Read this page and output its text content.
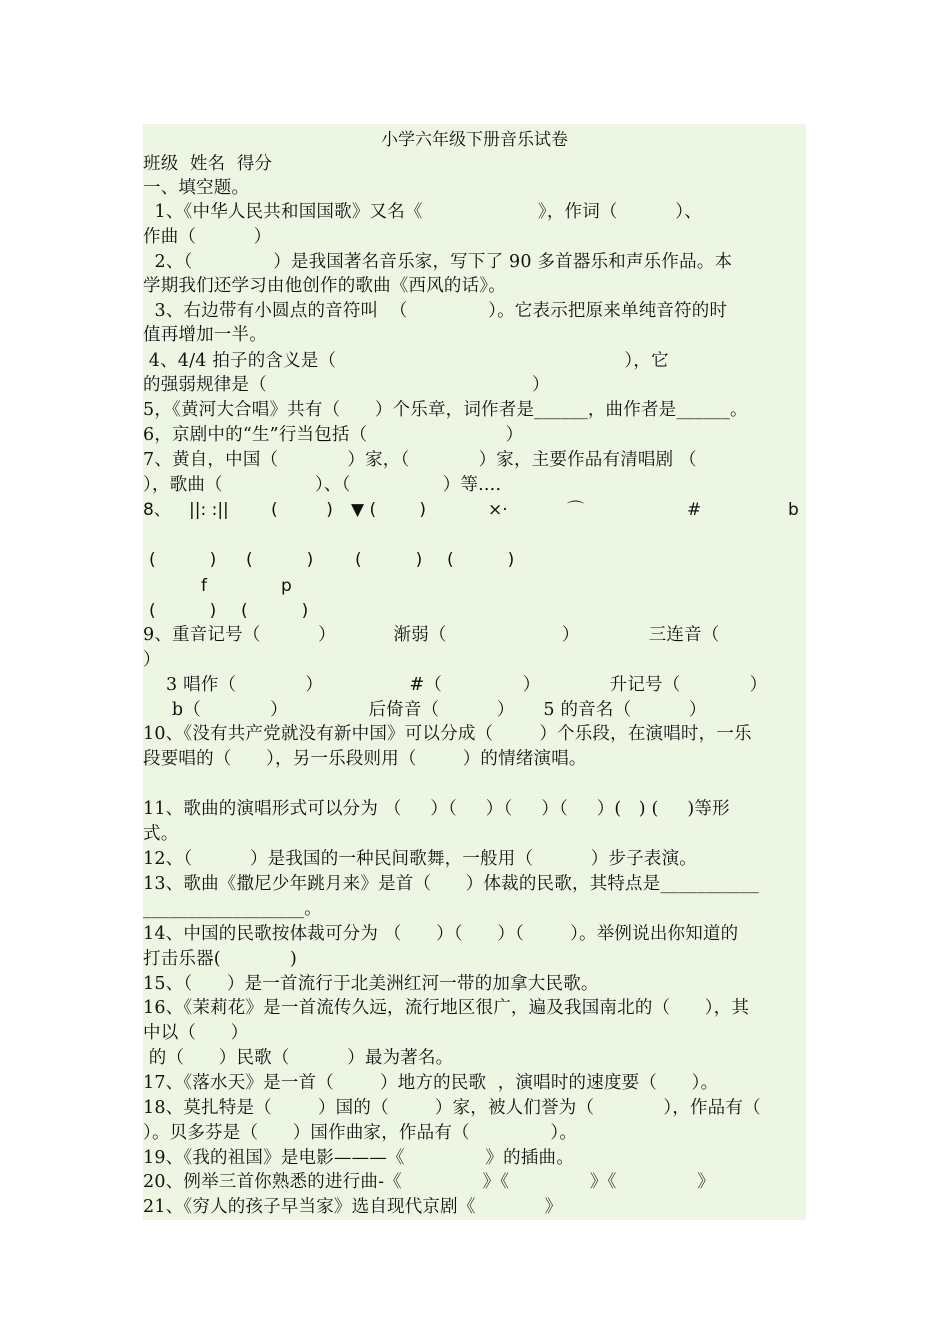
小学六年级下册音乐试卷
班级  姓名  得分
一、填空题。
1、《中华人民共和国国歌》又名《                    》，作词（          ）、
作曲（          ）
2、（              ）是我国著名音乐家，写下了 90 多首器乐和声乐作品。本
学期我们还学习由他创作的歌曲《西风的话》。
3、右边带有小圆点的音符叫  （              ）。它表示把原来单纯音符的时
值再增加一半。
4、4/4 拍子的含义是（                                                  ），它
的强弱规律是（                                              ）
5，《黄河大合唱》共有（      ）个乐章，词作者是______，曲作者是______。
6，京剧中的“生”行当包括（                        ）
7、黄自，中国（            ）家，（            ）家，主要作品有清唱剧 （
），歌曲（                ）、（                ）等....
8、 ||: :|| (         ) ▼ (        )	×·	⌒	#	b
(          ) (          ) (          ) (          )
f	p
(          ) (          )
9、重音记号（          ）          渐弱（                    ）            三连音（
）
3 唱作（            ）               #（              ）            升记号（            ）
b（            ）              后倚音（          ）     5 的音名（          ）
10、《没有共产党就没有新中国》可以分成（        ）个乐段，在演唱时，一乐
段要唱的（      ），另一乐段则用（        ）的情绪演唱。
11、歌曲的演唱形式可以分为 （     ）（     ）（     ）（     ）(   ) (     )等形
式。
12、（          ）是我国的一种民间歌舞，一般用（          ）步子表演。
13、歌曲《撒尼少年跳月来》是首（      ）体裁的民歌，其特点是___________
__________________。
14、中国的民歌按体裁可分为 （      ）（      ）（        ）。举例说出你知道的
打击乐器(            )
15、（      ）是一首流行于北美洲红河一带的加拿大民歌。
16、《茉莉花》是一首流传久远，流行地区很广，遍及我国南北的（      ），其
中以（      ）
的（      ）民歌（          ）最为著名。
17、《落水天》是一首（        ）地方的民歌  ，演唱时的速度要（      ）。
18、莫扎特是（        ）国的（        ）家，被人们誉为（            ），作品有（
）。贝多芬是（      ）国作曲家，作品有（              ）。
19、《我的祖国》是电影———《              》的插曲。
20、例举三首你熟悉的进行曲-《              》《              》《              》
21、《穷人的孩子早当家》选自现代京剧《            》
